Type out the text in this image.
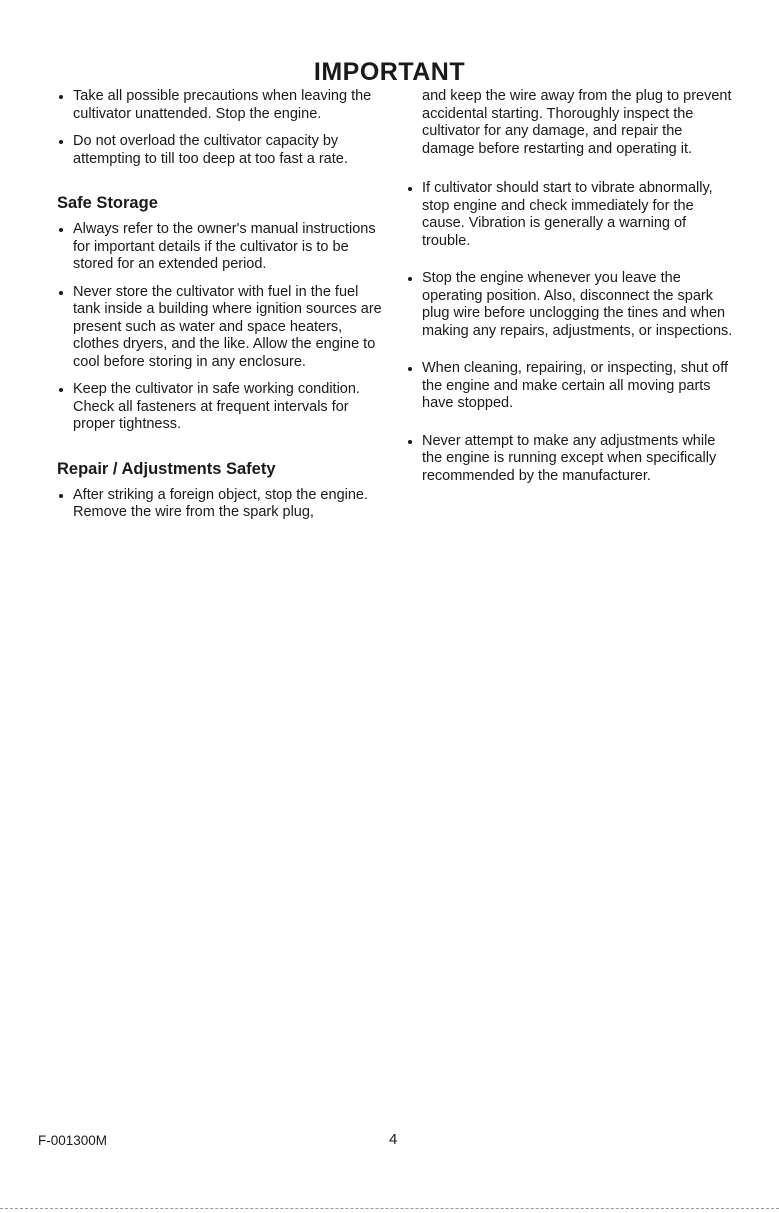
IMPORTANT
Take all possible precautions when leaving the cultivator unattended. Stop the engine.
Do not overload the cultivator capacity by attempting to till too deep at too fast a rate.
Safe Storage
Always refer to the owner's manual instructions for important details if the cultivator is to be stored for an extended period.
Never store the cultivator with fuel in the fuel tank inside a building where ignition sources are present such as water and space heaters, clothes dryers, and the like. Allow the engine to cool before storing in any enclosure.
Keep the cultivator in safe working condition. Check all fasteners at frequent intervals for proper tightness.
Repair / Adjustments Safety
After striking a foreign object, stop the engine. Remove the wire from the spark plug,

and keep the wire away from the plug to prevent accidental starting. Thoroughly inspect the cultivator for any damage, and repair the damage before restarting and operating it.

If cultivator should start to vibrate abnormally, stop engine and check immediately for the cause. Vibration is generally a warning of trouble.
Stop the engine whenever you leave the operating position. Also, disconnect the spark plug wire before unclogging the tines and when making any repairs, adjustments, or inspections.
When cleaning, repairing, or inspecting, shut off the engine and make certain all moving parts have stopped.
Never attempt to make any adjustments while the engine is running except when specifically recommended by the manufacturer.
F-001300M	4
